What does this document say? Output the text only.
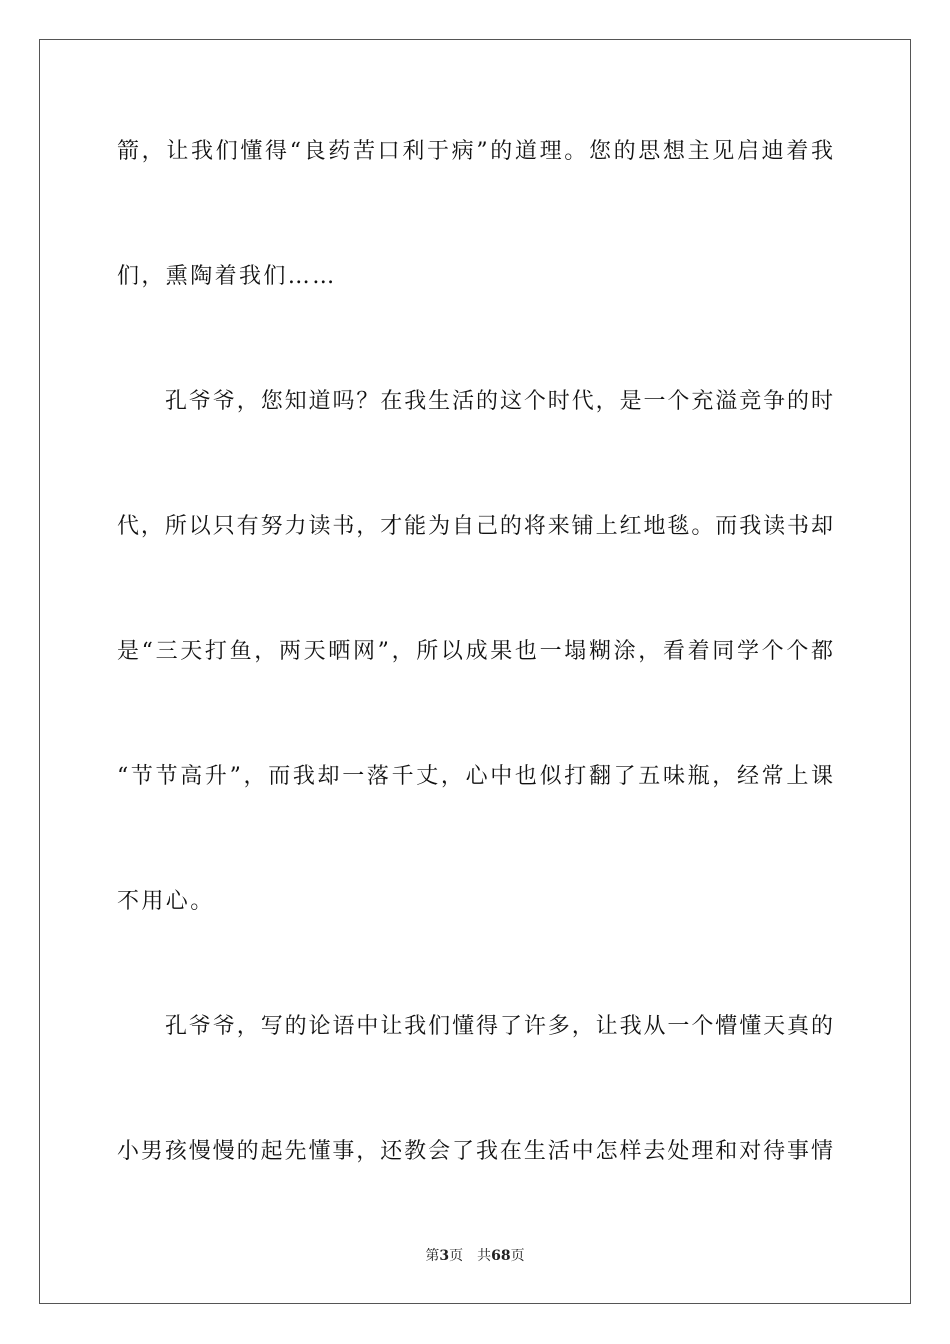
箭，让我们懂得“良药苦口利于病”的道理。您的思想主见启迪着我
们，熏陶着我们……
孔爷爷，您知道吗？在我生活的这个时代，是一个充溢竞争的时
代，所以只有努力读书，才能为自己的将来铺上红地毯。而我读书却
是“三天打鱼，两天晒网”，所以成果也一塌糊涂，看着同学个个都
“节节高升”，而我却一落千丈，心中也似打翻了五味瓶，经常上课
不用心。
孔爷爷，写的论语中让我们懂得了许多，让我从一个懵懂天真的
小男孩慢慢的起先懂事，还教会了我在生活中怎样去处理和对待事情
第3页 共68页
